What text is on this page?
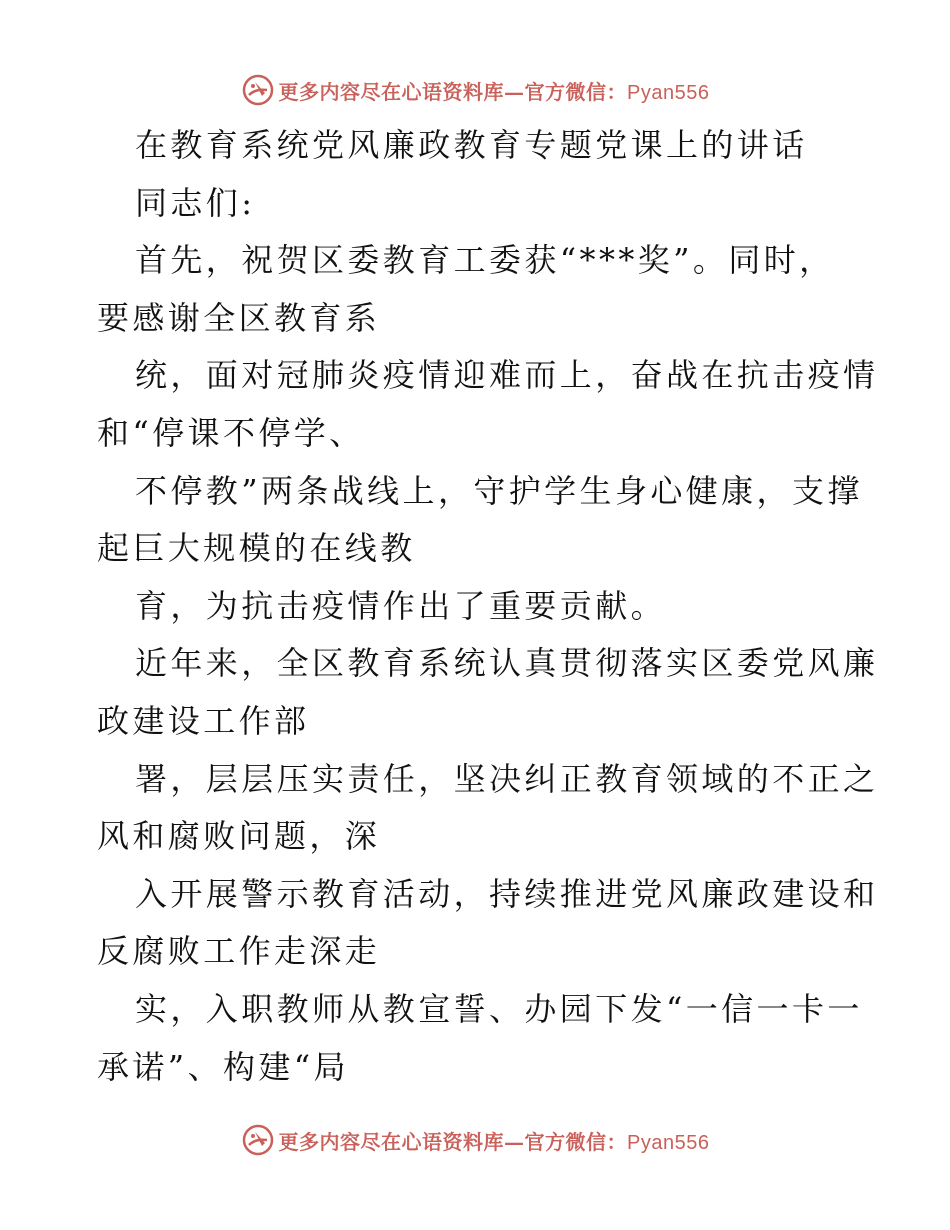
更多内容尽在心语资料库—官方微信：Pyan556
在教育系统党风廉政教育专题党课上的讲话
同志们:
首先，祝贺区委教育工委获“***奖”。同时，
要感谢全区教育系
统，面对冠肺炎疫情迎难而上，奋战在抗击疫情
和“停课不停学、
不停教”两条战线上，守护学生身心健康，支撑
起巨大规模的在线教
育，为抗击疫情作出了重要贡献。
近年来，全区教育系统认真贯彻落实区委党风廉
政建设工作部
署，层层压实责任，坚决纠正教育领域的不正之
风和腐败问题，深
入开展警示教育活动，持续推进党风廉政建设和
反腐败工作走深走
实，入职教师从教宣誓、办园下发“一信一卡一
承诺”、构建“局
更多内容尽在心语资料库—官方微信：Pyan556
